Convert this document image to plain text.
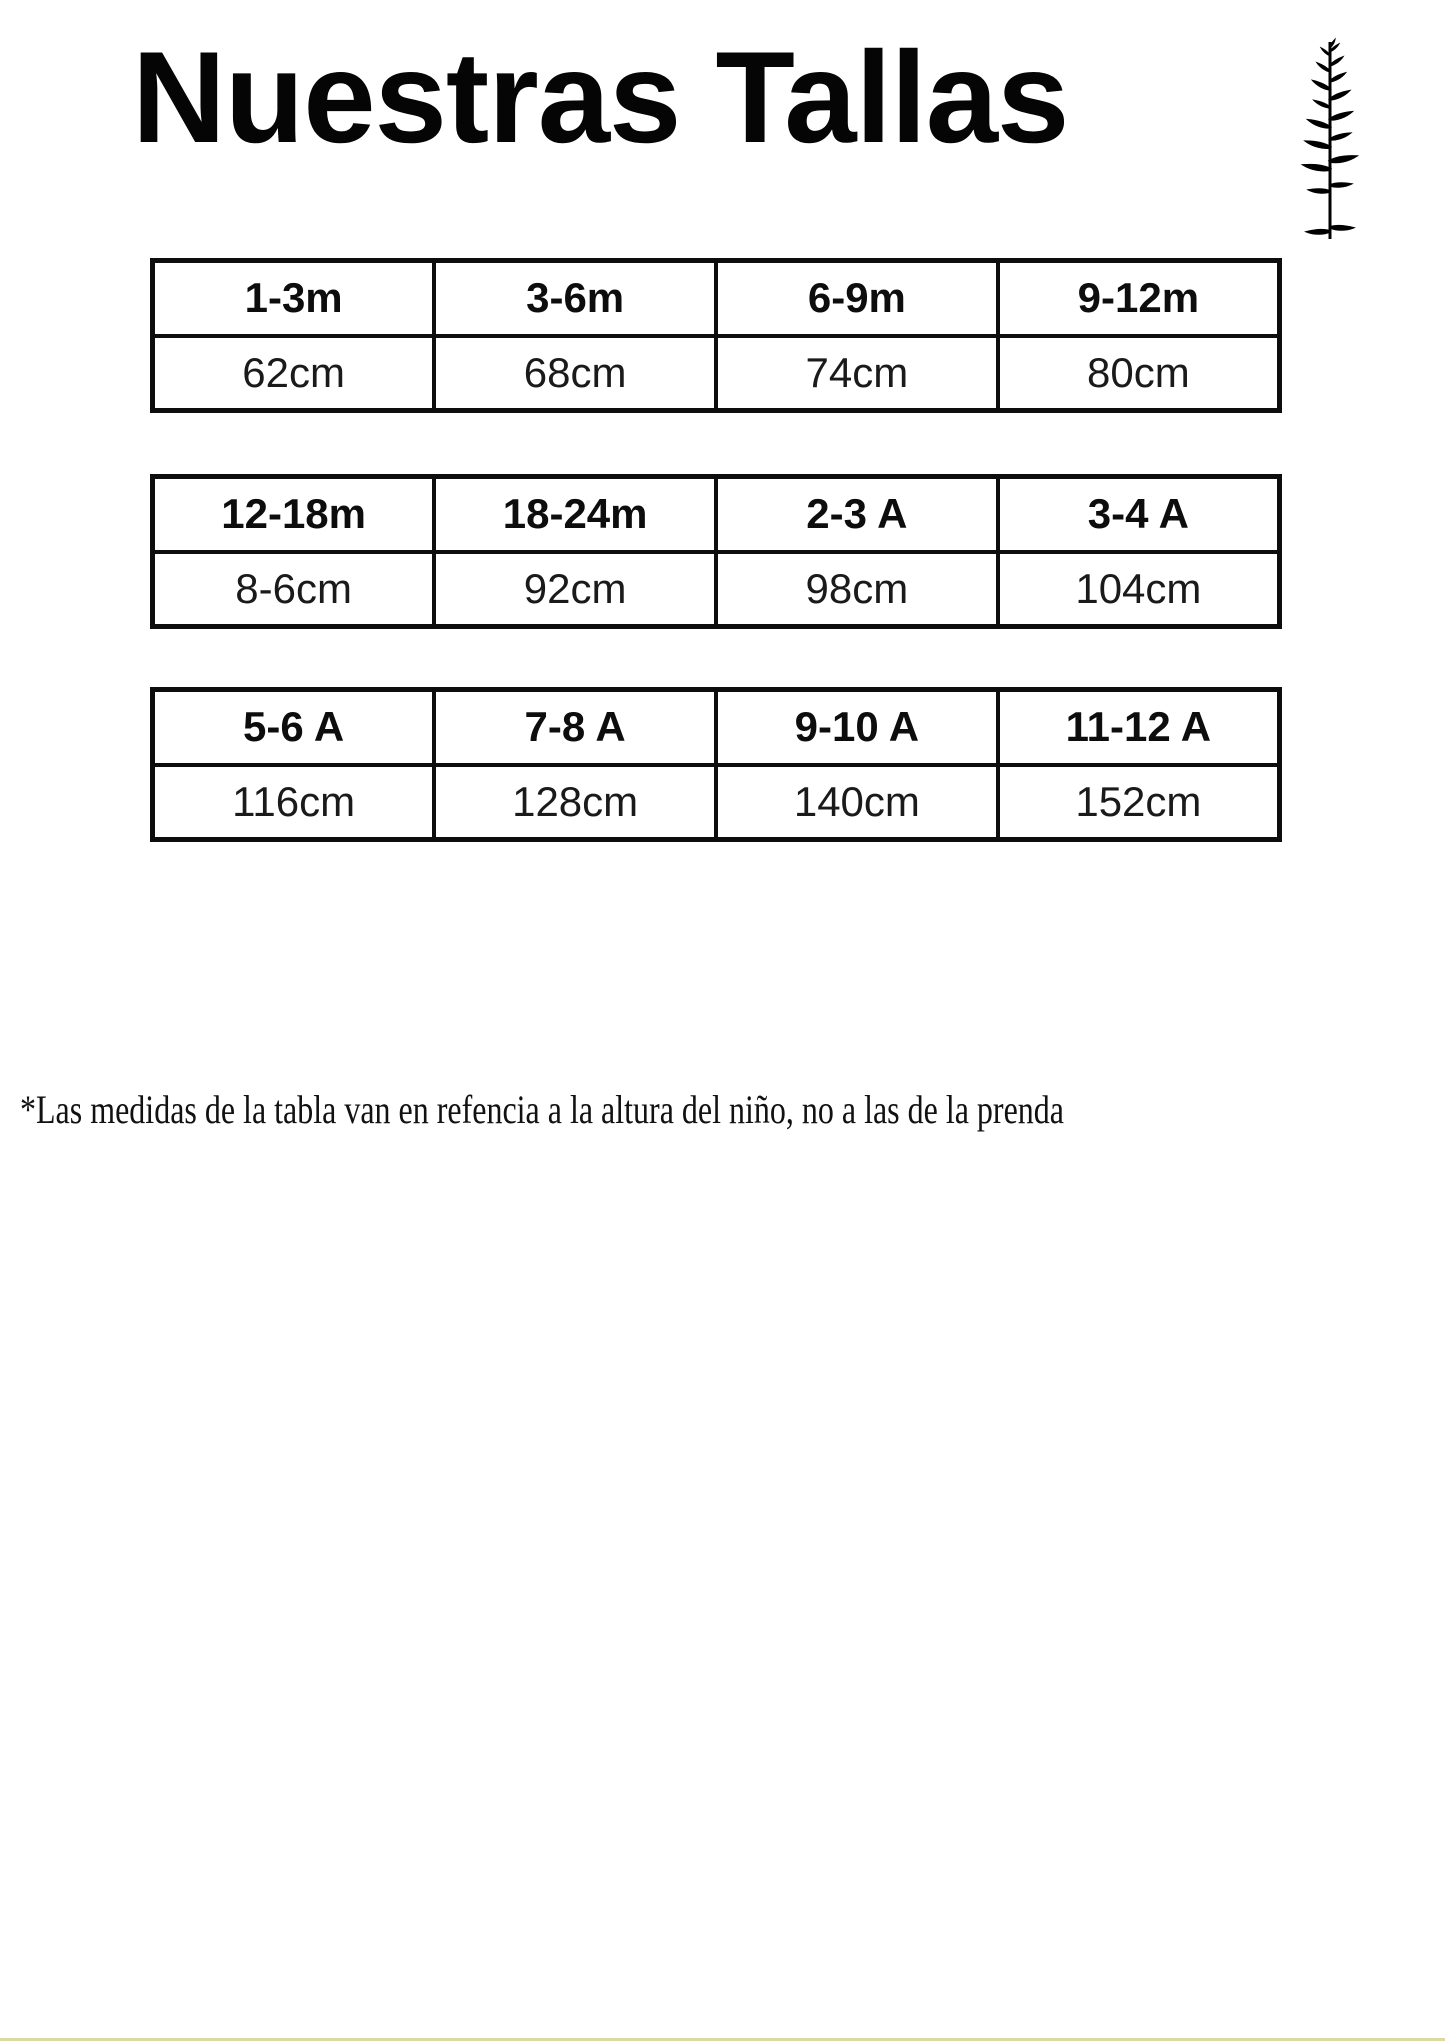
Nuestras Tallas
1-3m	3-6m	6-9m	9-12m
62cm	68cm	74cm	80cm
12-18m	18-24m	2-3 A	3-4 A
8-6cm	92cm	98cm	104cm
5-6 A	7-8 A	9-10 A	11-12 A
116cm	128cm	140cm	152cm

*Las medidas de la tabla van en refencia a la altura del niño, no a las de la prenda
